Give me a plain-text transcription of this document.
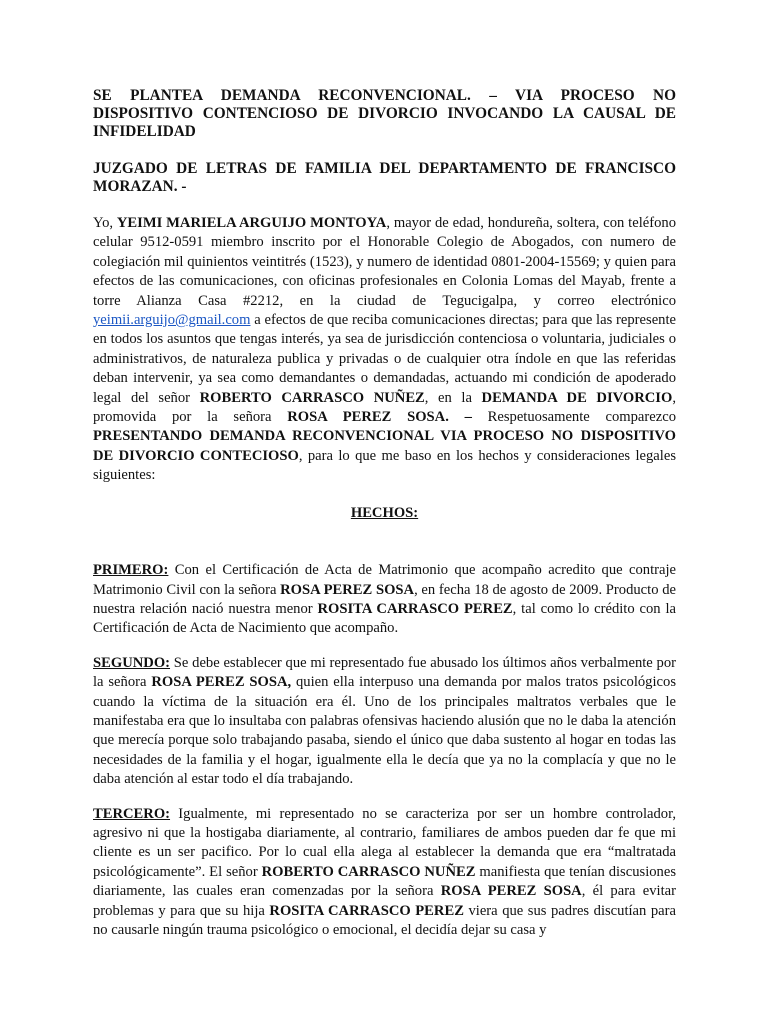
SE PLANTEA DEMANDA RECONVENCIONAL. – VIA PROCESO NO DISPOSITIVO CONTENCIOSO DE DIVORCIO INVOCANDO LA CAUSAL DE INFIDELIDAD

JUZGADO DE LETRAS DE FAMILIA DEL DEPARTAMENTO DE FRANCISCO MORAZAN. -

Yo, YEIMI MARIELA ARGUIJO MONTOYA, mayor de edad, hondureña, soltera, con teléfono celular 9512-0591 miembro inscrito por el Honorable Colegio de Abogados, con numero de colegiación mil quinientos veintitrés (1523), y numero de identidad 0801-2004-15569; y quien para efectos de las comunicaciones, con oficinas profesionales en Colonia Lomas del Mayab, frente a torre Alianza Casa #2212, en la ciudad de Tegucigalpa, y correo electrónico yeimii.arguijo@gmail.com a efectos de que reciba comunicaciones directas; para que las represente en todos los asuntos que tengas interés, ya sea de jurisdicción contenciosa o voluntaria, judiciales o administrativos, de naturaleza publica y privadas o de cualquier otra índole en que las referidas deban intervenir, ya sea como demandantes o demandadas, actuando mi condición de apoderado legal del señor ROBERTO CARRASCO NUÑEZ, en la DEMANDA DE DIVORCIO, promovida por la señora ROSA PEREZ SOSA. – Respetuosamente comparezco PRESENTANDO DEMANDA RECONVENCIONAL VIA PROCESO NO DISPOSITIVO DE DIVORCIO CONTECIOSO, para lo que me baso en los hechos y consideraciones legales siguientes:

HECHOS:

PRIMERO: Con el Certificación de Acta de Matrimonio que acompaño acredito que contraje Matrimonio Civil con la señora ROSA PEREZ SOSA, en fecha 18 de agosto de 2009. Producto de nuestra relación nació nuestra menor ROSITA CARRASCO PEREZ, tal como lo crédito con la Certificación de Acta de Nacimiento que acompaño.

SEGUNDO: Se debe establecer que mi representado fue abusado los últimos años verbalmente por la señora ROSA PEREZ SOSA, quien ella interpuso una demanda por malos tratos psicológicos cuando la víctima de la situación era él. Uno de los principales maltratos verbales que le manifestaba era que lo insultaba con palabras ofensivas haciendo alusión que no le daba la atención que merecía porque solo trabajando pasaba, siendo el único que daba sustento al hogar en todas las necesidades de la familia y el hogar, igualmente ella le decía que ya no la complacía y que no le daba atención al estar todo el día trabajando.

TERCERO: Igualmente, mi representado no se caracteriza por ser un hombre controlador, agresivo ni que la hostigaba diariamente, al contrario, familiares de ambos pueden dar fe que mi cliente es un ser pacifico. Por lo cual ella alega al establecer la demanda que era “maltratada psicológicamente”. El señor ROBERTO CARRASCO NUÑEZ manifiesta que tenían discusiones diariamente, las cuales eran comenzadas por la señora ROSA PEREZ SOSA, él para evitar problemas y para que su hija ROSITA CARRASCO PEREZ viera que sus padres discutían para no causarle ningún trauma psicológico o emocional, el decidía dejar su casa y
